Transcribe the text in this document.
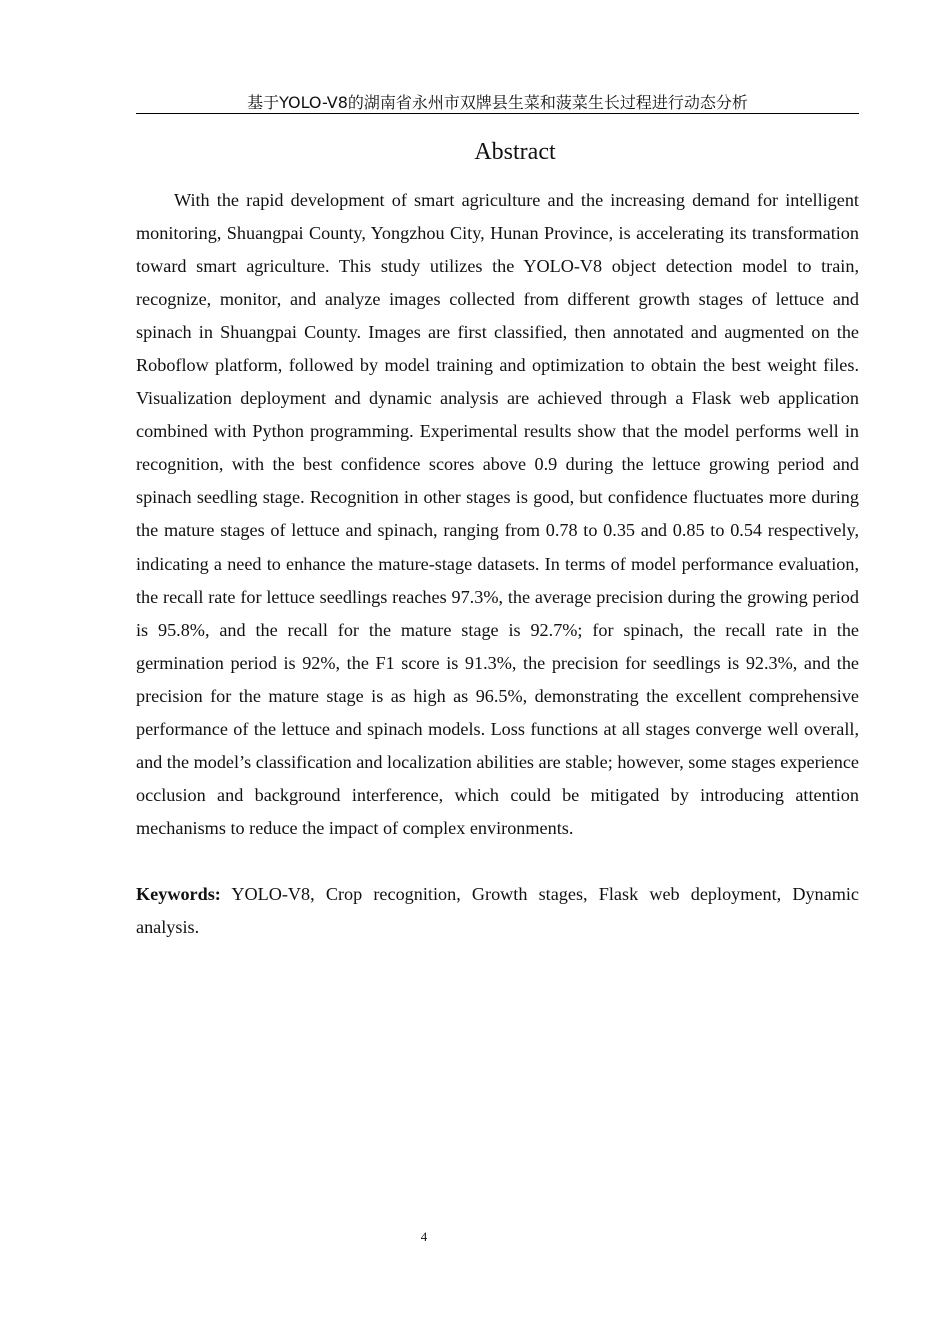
基于YOLO-V8的湖南省永州市双牌县生菜和菠菜生长过程进行动态分析
Abstract

With the rapid development of smart agriculture and the increasing demand for intelligent monitoring, Shuangpai County, Yongzhou City, Hunan Province, is accelerating its transformation toward smart agriculture. This study utilizes the YOLO-V8 object detection model to train, recognize, monitor, and analyze images collected from different growth stages of lettuce and spinach in Shuangpai County. Images are first classified, then annotated and augmented on the Roboflow platform, followed by model training and optimization to obtain the best weight files. Visualization deployment and dynamic analysis are achieved through a Flask web application combined with Python programming. Experimental results show that the model performs well in recognition, with the best confidence scores above 0.9 during the lettuce growing period and spinach seedling stage. Recognition in other stages is good, but confidence fluctuates more during the mature stages of lettuce and spinach, ranging from 0.78 to 0.35 and 0.85 to 0.54 respectively, indicating a need to enhance the mature-stage datasets. In terms of model performance evaluation, the recall rate for lettuce seedlings reaches 97.3%, the average precision during the growing period is 95.8%, and the recall for the mature stage is 92.7%; for spinach, the recall rate in the germination period is 92%, the F1 score is 91.3%, the precision for seedlings is 92.3%, and the precision for the mature stage is as high as 96.5%, demonstrating the excellent comprehensive performance of the lettuce and spinach models. Loss functions at all stages converge well overall, and the model’s classification and localization abilities are stable; however, some stages experience occlusion and background interference, which could be mitigated by introducing attention mechanisms to reduce the impact of complex environments.

Keywords: YOLO-V8, Crop recognition, Growth stages, Flask web deployment, Dynamic analysis.

4
